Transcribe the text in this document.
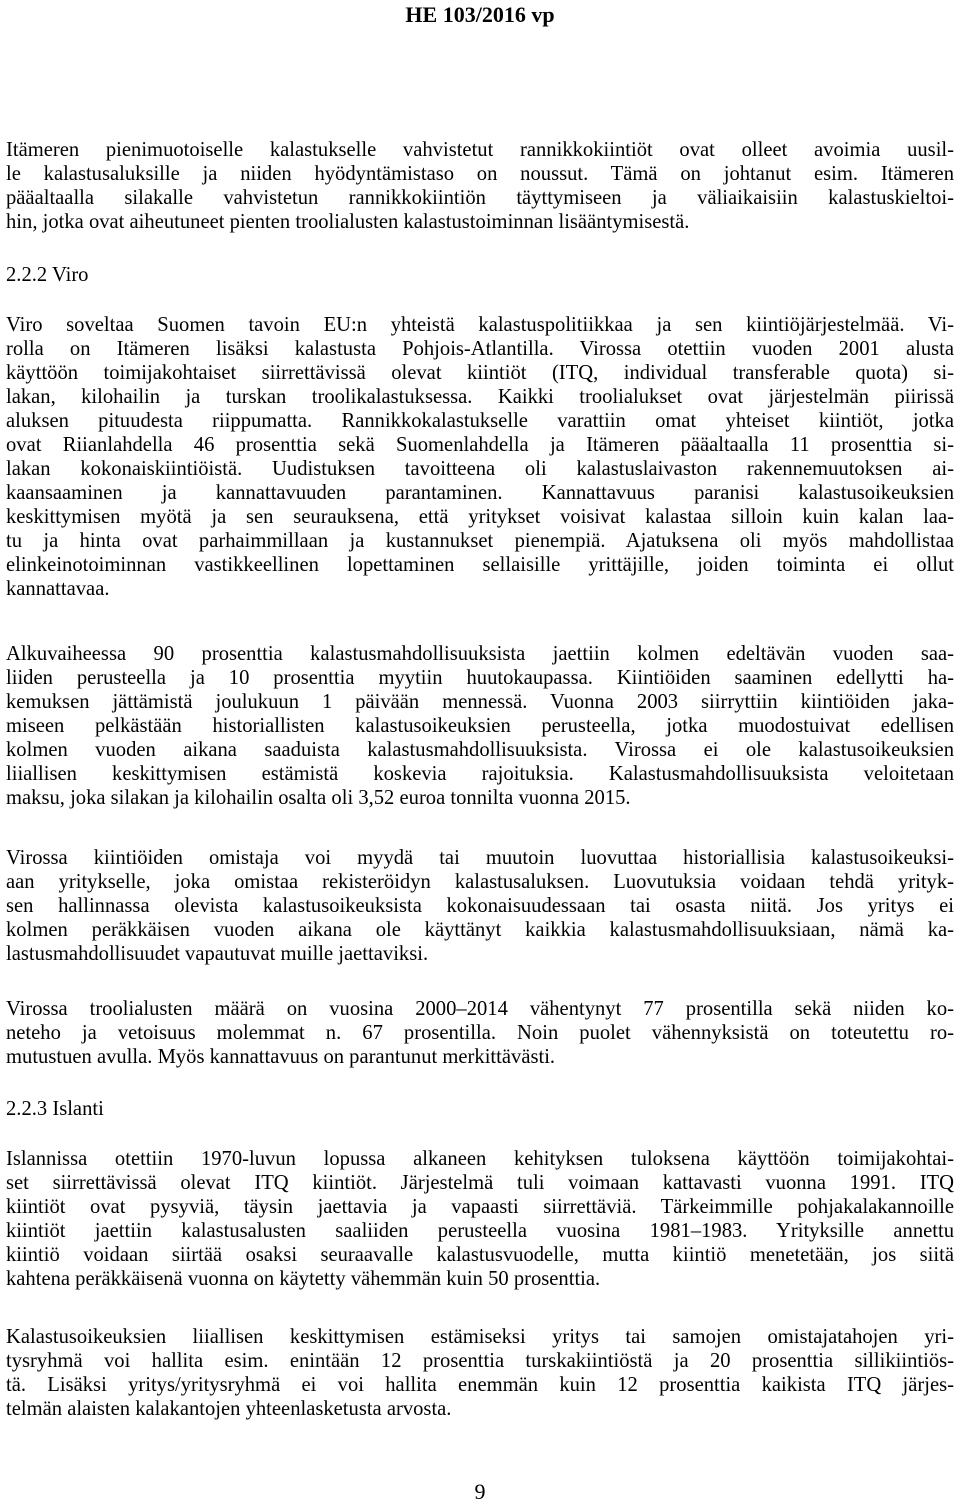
HE 103/2016 vp
Itämeren pienimuotoiselle kalastukselle vahvistetut rannikkokiintiöt ovat olleet avoimia uusil-
le kalastusaluksille ja niiden hyödyntämistaso on noussut. Tämä on johtanut esim. Itämeren
pääaltaalla silakalle vahvistetun rannikkokiintiön täyttymiseen ja väliaikaisiin kalastuskieltoi-
hin, jotka ovat aiheutuneet pienten troolialusten kalastustoiminnan lisääntymisestä.
2.2.2 Viro
Viro soveltaa Suomen tavoin EU:n yhteistä kalastuspolitiikkaa ja sen kiintiöjärjestelmää. Vi-
rolla on Itämeren lisäksi kalastusta Pohjois-Atlantilla. Virossa otettiin vuoden 2001 alusta
käyttöön toimijakohtaiset siirrettävissä olevat kiintiöt (ITQ, individual transferable quota) si-
lakan, kilohailin ja turskan troolikalastuksessa. Kaikki troolialukset ovat järjestelmän piirissä
aluksen pituudesta riippumatta. Rannikkokalastukselle varattiin omat yhteiset kiintiöt, jotka
ovat Riianlahdella 46 prosenttia sekä Suomenlahdella ja Itämeren pääaltaalla 11 prosenttia si-
lakan kokonaiskiintiöistä. Uudistuksen tavoitteena oli kalastuslaivaston rakennemuutoksen ai-
kaansaaminen ja kannattavuuden parantaminen. Kannattavuus paranisi kalastusoikeuksien
keskittymisen myötä ja sen seurauksena, että yritykset voisivat kalastaa silloin kuin kalan laa-
tu ja hinta ovat parhaimmillaan ja kustannukset pienempiä. Ajatuksena oli myös mahdollistaa
elinkeinotoiminnan vastikkeellinen lopettaminen sellaisille yrittäjille, joiden toiminta ei ollut
kannattavaa.
Alkuvaiheessa 90 prosenttia kalastusmahdollisuuksista jaettiin kolmen edeltävän vuoden saa-
liiden perusteella ja 10 prosenttia myytiin huutokaupassa. Kiintiöiden saaminen edellytti ha-
kemuksen jättämistä joulukuun 1 päivään mennessä. Vuonna 2003 siirryttiin kiintiöiden jaka-
miseen pelkästään historiallisten kalastusoikeuksien perusteella, jotka muodostuivat edellisen
kolmen vuoden aikana saaduista kalastusmahdollisuuksista. Virossa ei ole kalastusoikeuksien
liiallisen keskittymisen estämistä koskevia rajoituksia. Kalastusmahdollisuuksista veloitetaan
maksu, joka silakan ja kilohailin osalta oli 3,52 euroa tonnilta vuonna 2015.
Virossa kiintiöiden omistaja voi myydä tai muutoin luovuttaa historiallisia kalastusoikeuksi-
aan yritykselle, joka omistaa rekisteröidyn kalastusaluksen. Luovutuksia voidaan tehdä yrityk-
sen hallinnassa olevista kalastusoikeuksista kokonaisuudessaan tai osasta niitä. Jos yritys ei
kolmen peräkkäisen vuoden aikana ole käyttänyt kaikkia kalastusmahdollisuuksiaan, nämä ka-
lastusmahdollisuudet vapautuvat muille jaettaviksi.
Virossa troolialusten määrä on vuosina 2000–2014 vähentynyt 77 prosentilla sekä niiden ko-
neteho ja vetoisuus molemmat n. 67 prosentilla. Noin puolet vähennyksistä on toteutettu ro-
mutustuen avulla. Myös kannattavuus on parantunut merkittävästi.
2.2.3 Islanti
Islannissa otettiin 1970-luvun lopussa alkaneen kehityksen tuloksena käyttöön toimijakohtai-
set siirrettävissä olevat ITQ kiintiöt. Järjestelmä tuli voimaan kattavasti vuonna 1991. ITQ
kiintiöt ovat pysyviä, täysin jaettavia ja vapaasti siirrettäviä. Tärkeimmille pohjakalakannoille
kiintiöt jaettiin kalastusalusten saaliiden perusteella vuosina 1981–1983. Yrityksille annettu
kiintiö voidaan siirtää osaksi seuraavalle kalastusvuodelle, mutta kiintiö menetetään, jos siitä
kahtena peräkkäisenä vuonna on käytetty vähemmän kuin 50 prosenttia.
Kalastusoikeuksien liiallisen keskittymisen estämiseksi yritys tai samojen omistajatahojen yri-
tysryhmä voi hallita esim. enintään 12 prosenttia turskakiintiöstä ja 20 prosenttia sillikiintiös-
tä. Lisäksi yritys/yritysryhmä ei voi hallita enemmän kuin 12 prosenttia kaikista ITQ järjes-
telmän alaisten kalakantojen yhteenlasketusta arvosta.
9
